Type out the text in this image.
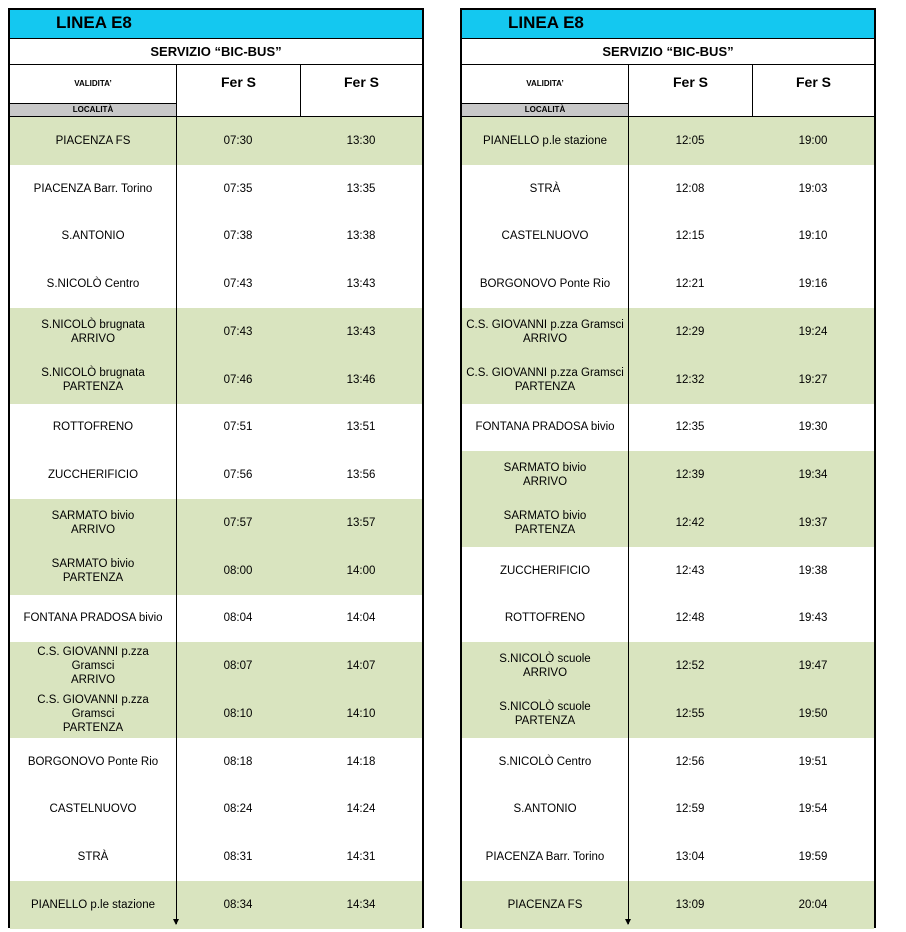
LINEA E8
SERVIZIO “BIC-BUS”
VALIDITA’
LOCALITÀ
Fer S	Fer S
PIACENZA FS	07:30	13:30
PIACENZA Barr. Torino	07:35	13:35
S.ANTONIO	07:38	13:38
S.NICOLÒ Centro	07:43	13:43
S.NICOLÒ brugnata
ARRIVO
07:43	13:43
S.NICOLÒ brugnata
PARTENZA
07:46	13:46
ROTTOFRENO	07:51	13:51
ZUCCHERIFICIO	07:56	13:56
SARMATO bivio
ARRIVO
07:57	13:57
SARMATO bivio
PARTENZA
08:00	14:00
FONTANA PRADOSA bivio	08:04	14:04
C.S. GIOVANNI p.zza
Gramsci
ARRIVO
08:07	14:07
C.S. GIOVANNI p.zza
Gramsci
PARTENZA
08:10	14:10
BORGONOVO Ponte Rio	08:18	14:18
CASTELNUOVO	08:24	14:24
STRÀ	08:31	14:31
PIANELLO p.le stazione	08:34	14:34
LINEA E8
SERVIZIO “BIC-BUS”
VALIDITA’
LOCALITÀ
Fer S	Fer S
PIANELLO p.le stazione	12:05	19:00
STRÀ	12:08	19:03
CASTELNUOVO	12:15	19:10
BORGONOVO Ponte Rio	12:21	19:16
C.S. GIOVANNI p.zza Gramsci
ARRIVO
12:29	19:24
C.S. GIOVANNI p.zza Gramsci
PARTENZA
12:32	19:27
FONTANA PRADOSA bivio	12:35	19:30
SARMATO bivio
ARRIVO
12:39	19:34
SARMATO bivio
PARTENZA
12:42	19:37
ZUCCHERIFICIO	12:43	19:38
ROTTOFRENO	12:48	19:43
S.NICOLÒ scuole
ARRIVO
12:52	19:47
S.NICOLÒ scuole
PARTENZA
12:55	19:50
S.NICOLÒ Centro	12:56	19:51
S.ANTONIO	12:59	19:54
PIACENZA Barr. Torino	13:04	19:59
PIACENZA FS	13:09	20:04
